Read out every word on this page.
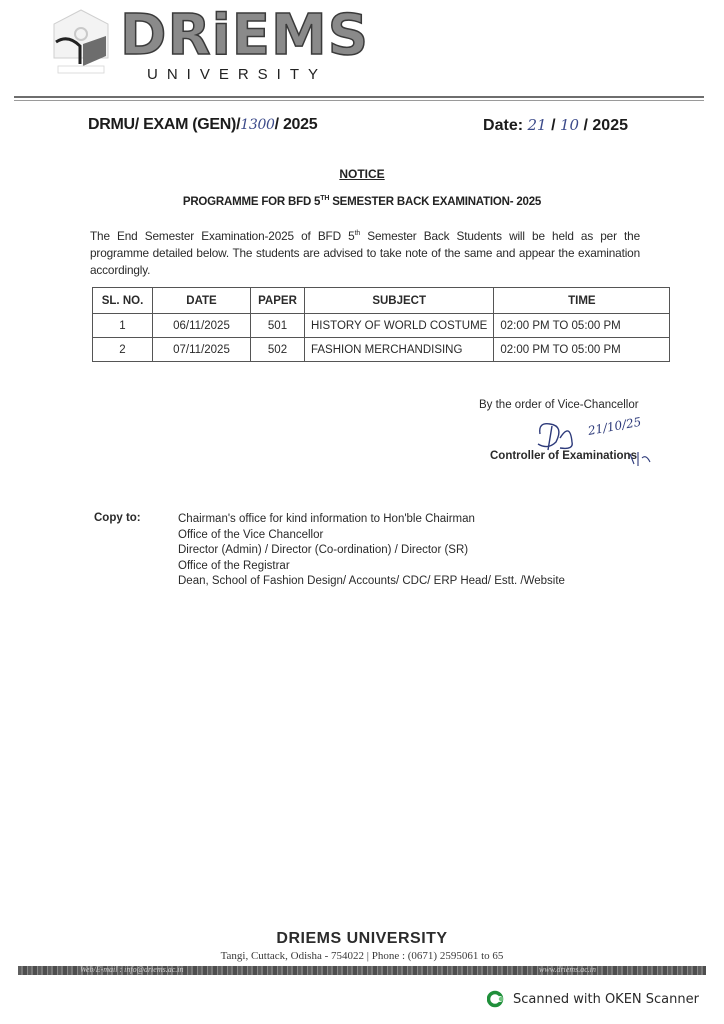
DRiEMS
UNIVERSITY
DRMU/ EXAM (GEN)/1300/ 2025	Date: 21 / 10 / 2025
NOTICE
PROGRAMME FOR BFD 5TH SEMESTER BACK EXAMINATION- 2025

The End Semester Examination-2025 of BFD 5th Semester Back Students will be held as per the programme detailed below. The students are advised to take note of the same and appear the examination accordingly.

SL. NO.	DATE	PAPER	SUBJECT	TIME
1	06/11/2025	501	HISTORY OF WORLD COSTUME	02:00 PM TO 05:00 PM
2	07/11/2025	502	FASHION MERCHANDISING	02:00 PM TO 05:00 PM
By the order of Vice-Chancellor
21/10/25
Controller of Examinations
Copy to:	Chairman's office for kind information to Hon'ble Chairman
Office of the Vice Chancellor
Director (Admin) / Director (Co-ordination) / Director (SR)
Office of the Registrar
Dean, School of Fashion Design/ Accounts/ CDC/ ERP Head/ Estt. /Website
DRIEMS UNIVERSITY
Tangi, Cuttack, Odisha - 754022 | Phone : (0671) 2595061 to 65
Web/E-mail : info@driems.ac.in	www.driems.ac.in
Scanned with OKEN Scanner
